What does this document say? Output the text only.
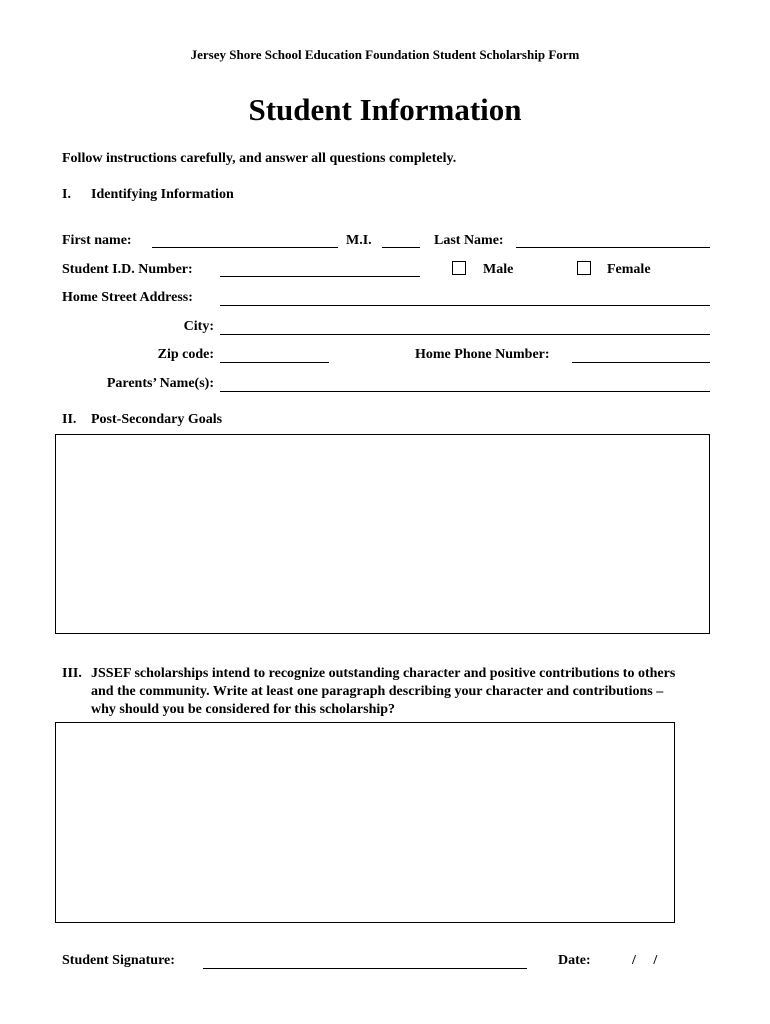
Jersey Shore School Education Foundation Student Scholarship Form
Student Information
Follow instructions carefully, and answer all questions completely.
I. Identifying Information
First name:	M.I.	Last Name:
Student I.D. Number:	Male	Female
Home Street Address:
City:
Zip code:	Home Phone Number:
Parents’ Name(s):
II. Post-Secondary Goals
III. JSSEF scholarships intend to recognize outstanding character and positive contributions to others and the community. Write at least one paragraph describing your character and contributions – why should you be considered for this scholarship?
Student Signature:	Date:	/     /
